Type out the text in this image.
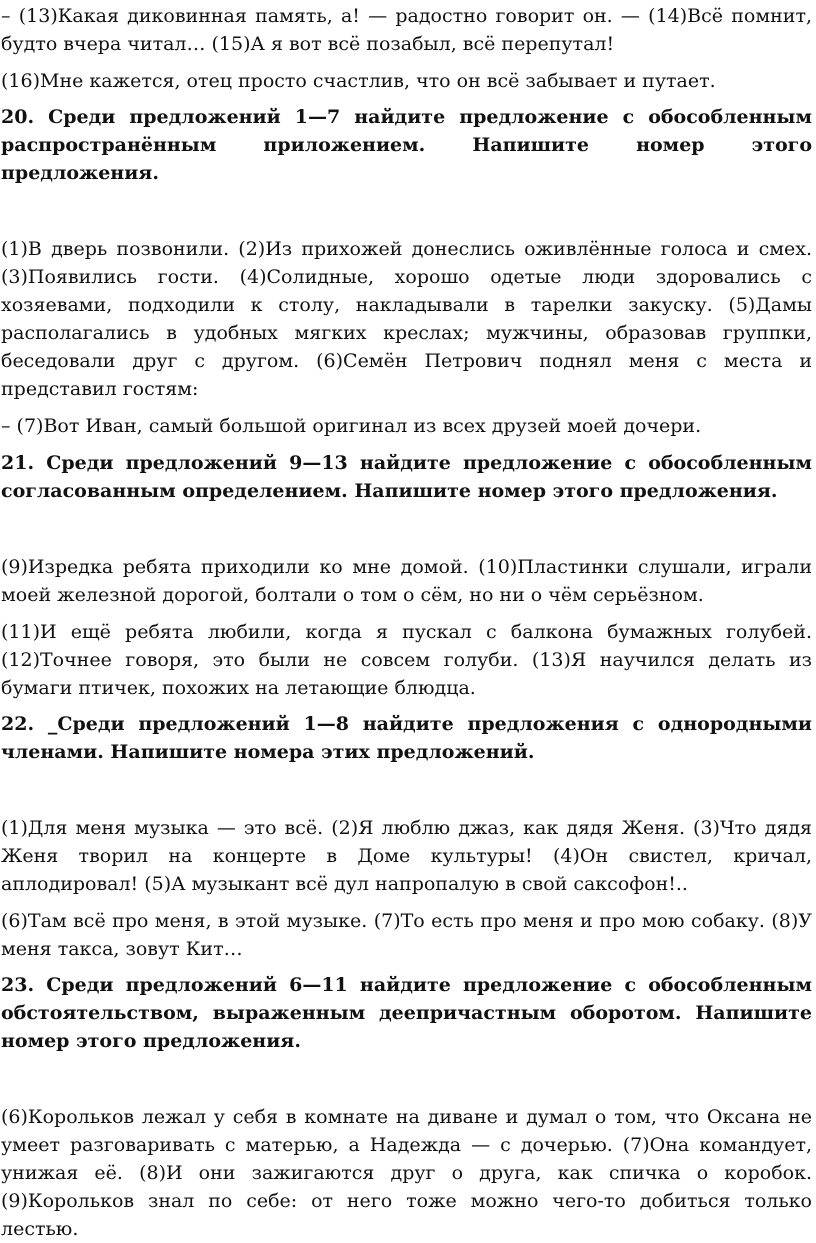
– (13)Какая диковинная память, а! — радостно говорит он. — (14)Всё помнит, будто вчера читал… (15)А я вот всё позабыл, всё перепутал!

(16)Мне кажется, отец просто счастлив, что он всё забывает и путает.

20. Среди предложений 1—7 найдите предложение с обособленным распространённым приложением. Напишите номер этого предложения.

(1)В дверь позвонили. (2)Из прихожей донеслись оживлённые голоса и смех. (3)Появились гости. (4)Солидные, хорошо одетые люди здоровались с хозяевами, подходили к столу, накладывали в тарелки закуску. (5)Дамы располагались в удобных мягких креслах; мужчины, образовав группки, беседовали друг с другом. (6)Семён Петрович поднял меня с места и представил гостям:

– (7)Вот Иван, самый большой оригинал из всех друзей моей дочери.

21. Среди предложений 9—13 найдите предложение с обособленным согласованным определением. Напишите номер этого предложения.

(9)Изредка ребята приходили ко мне домой. (10)Пластинки слушали, играли моей железной дорогой, болтали о том о сём, но ни о чём серьёзном.

(11)И ещё ребята любили, когда я пускал с балкона бумажных голубей. (12)Точнее говоря, это были не совсем голуби. (13)Я научился делать из бумаги птичек, похожих на летающие блюдца.

22. _Среди предложений 1—8 найдите предложения с однородными членами. Напишите номера этих предложений.

(1)Для меня музыка — это всё. (2)Я люблю джаз, как дядя Женя. (3)Что дядя Женя творил на концерте в Доме культуры! (4)Он свистел, кричал, аплодировал! (5)А музыкант всё дул напропалую в свой саксофон!..

(6)Там всё про меня, в этой музыке. (7)То есть про меня и про мою собаку. (8)У меня такса, зовут Кит…

23. Среди предложений 6—11 найдите предложение с обособленным обстоятельством, выраженным деепричастным оборотом. Напишите номер этого предложения.

(6)Корольков лежал у себя в комнате на диване и думал о том, что Оксана не умеет разговаривать с матерью, а Надежда — с дочерью. (7)Она командует, унижая её. (8)И они зажигаются друг о друга, как спичка о коробок. (9)Корольков знал по себе: от него тоже можно чего-то добиться только лестью.
